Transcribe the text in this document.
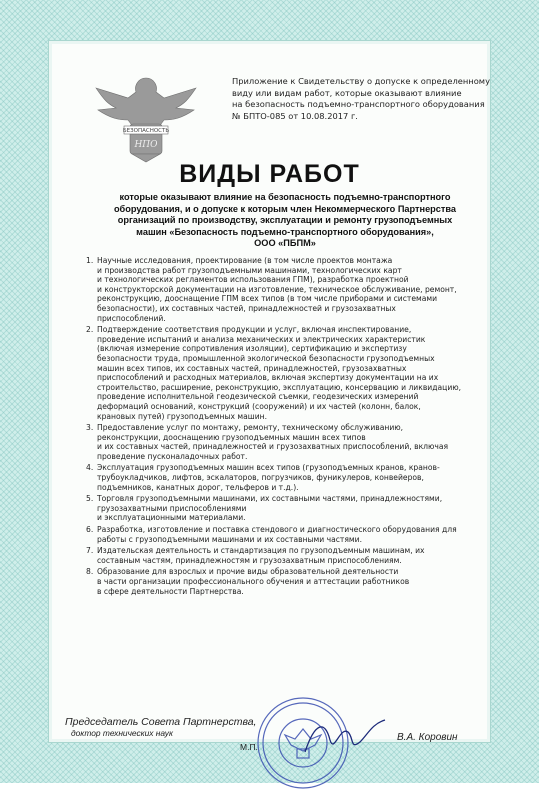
БЕЗОПАСНОСТЬ
НПО
Приложение к Свидетельству о допуске к определенному
виду или видам работ, которые оказывают влияние
на безопасность подъемно-транспортного оборудования
№ БПТО-085 от 10.08.2017 г.
ВИДЫ РАБОТ
которые оказывают влияние на безопасность подъемно-транспортного
оборудования, и о допуске к которым член Некоммерческого Партнерства
организаций по производству, эксплуатации и ремонту грузоподъемных
машин «Безопасность подъемно-транспортного оборудования»,
ООО «ПБПМ»
1. Научные исследования, проектирование (в том числе проектов монтажа
и производства работ грузоподъемными машинами, технологических карт
и технологических регламентов использования ГПМ), разработка проектной
и конструкторской документации на изготовление, техническое обслуживание, ремонт,
реконструкцию, дооснащение ГПМ всех типов (в том числе приборами и системами
безопасности), их составных частей, принадлежностей и грузозахватных
приспособлений.
2. Подтверждение соответствия продукции и услуг, включая инспектирование,
проведение испытаний и анализа механических и электрических характеристик
(включая измерение сопротивления изоляции), сертификацию и экспертизу
безопасности труда, промышленной экологической безопасности грузоподъемных
машин всех типов, их составных частей, принадлежностей, грузозахватных
приспособлений и расходных материалов, включая экспертизу документации на их
строительство, расширение, реконструкцию, эксплуатацию, консервацию и ликвидацию,
проведение исполнительной геодезической съемки, геодезических измерений
деформаций оснований, конструкций (сооружений) и их частей (колонн, балок,
крановых путей) грузоподъемных машин.
3. Предоставление услуг по монтажу, ремонту, техническому обслуживанию,
реконструкции, дооснащению грузоподъемных машин всех типов
и их составных частей, принадлежностей и грузозахватных приспособлений, включая
проведение пусконаладочных работ.
4. Эксплуатация грузоподъемных машин всех типов (грузоподъемных кранов, кранов-
трубоукладчиков, лифтов, эскалаторов, погрузчиков, фуникулеров, конвейеров,
подъемников, канатных дорог, тельферов и т.д.).
5. Торговля грузоподъемными машинами, их составными частями, принадлежностями,
грузозахватными приспособлениями
и эксплуатационными материалами.
6. Разработка, изготовление и поставка стендового и диагностического оборудования для
работы с грузоподъемными машинами и их составными частями.
7. Издательская деятельность и стандартизация по грузоподъемным машинам, их
составным частям, принадлежностям и грузозахватным приспособлениям.
8. Образование для взрослых и прочие виды образовательной деятельности
в части организации профессионального обучения и аттестации работников
в сфере деятельности Партнерства.
Председатель Совета Партнерства,
доктор технических наук
М.П.
В.А. Коровин
